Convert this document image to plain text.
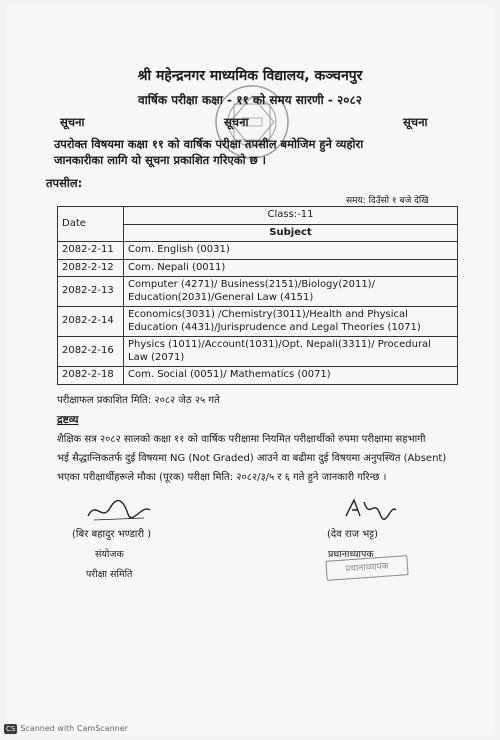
श्री महेन्द्रनगर माध्यमिक विद्यालय, कञ्चनपुर
वार्षिक परीक्षा कक्षा - ११ को समय सारणी - २०८२
सूचना	सूचना	सूचना
उपरोक्त विषयमा कक्षा ११ को वार्षिक परीक्षा तपसील बमोजिम हुने व्यहोरा
जानकारीका लागि यो सूचना प्रकाशित गरिएको छ ।
तपसील:
समय: दिउँसो १ बजे देखि
Date	Class:-11
	Subject
2082-2-11	Com. English (0031)
2082-2-12	Com. Nepali (0011)
2082-2-13	Computer (4271)/ Business(2151)/Biology(2011)/ Education(2031)/General Law (4151)
2082-2-14	Economics(3031) /Chemistry(3011)/Health and Physical Education (4431)/Jurisprudence and Legal Theories (1071)
2082-2-16	Physics (1011)/Account(1031)/Opt. Nepali(3311)/ Procedural Law (2071)
2082-2-18	Com. Social (0051)/ Mathematics (0071)
परीक्षाफल प्रकाशित मिति: २०८२ जेठ २५ गते
द्रष्टव्य
शैक्षिक सत्र २०८२ सालको कक्षा ११ को वार्षिक परीक्षामा नियमित परीक्षार्थीको रुपमा परीक्षामा सहभागी
भई सैद्धान्तिकतर्फ दुई विषयमा NG (Not Graded) आउने वा बढीमा दुई विषयमा अनुपस्थित (Absent)
भएका परीक्षार्थीहरूले मौका (पूरक) परीक्षा मिति: २०८२/३/५ र ६ गते हुने जानकारी गरिन्छ ।
(बिर बहादुर भण्डारी )
संयोजक
परीक्षा समिति
(देव राज भट्ट)
प्रधानाध्यापक
प्रधानाध्यापक
CS Scanned with CamScanner
